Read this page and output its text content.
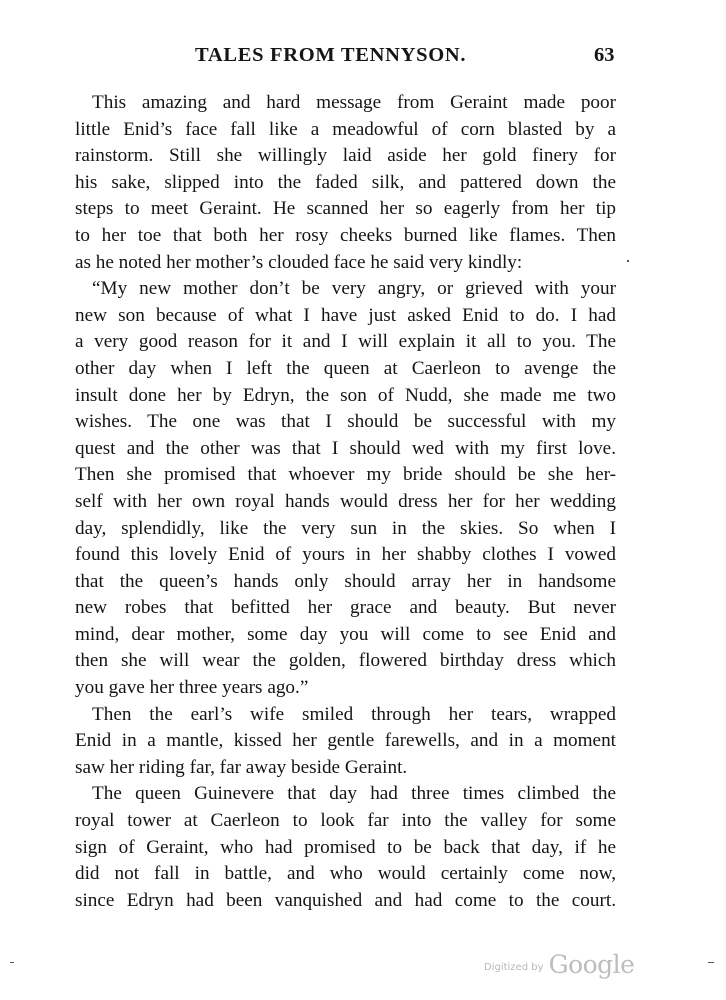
TALES FROM TENNYSON.	63
This amazing and hard message from Geraint made poor
little Enid’s face fall like a meadowful of corn blasted by a
rainstorm. Still she willingly laid aside her gold finery for
his sake, slipped into the faded silk, and pattered down the
steps to meet Geraint. He scanned her so eagerly from her tip
to her toe that both her rosy cheeks burned like flames. Then
as he noted her mother’s clouded face he said very kindly:
“My new mother don’t be very angry, or grieved with your
new son because of what I have just asked Enid to do. I had
a very good reason for it and I will explain it all to you. The
other day when I left the queen at Caerleon to avenge the
insult done her by Edryn, the son of Nudd, she made me two
wishes. The one was that I should be successful with my
quest and the other was that I should wed with my first love.
Then she promised that whoever my bride should be she her-
self with her own royal hands would dress her for her wedding
day, splendidly, like the very sun in the skies. So when I
found this lovely Enid of yours in her shabby clothes I vowed
that the queen’s hands only should array her in handsome
new robes that befitted her grace and beauty. But never
mind, dear mother, some day you will come to see Enid and
then she will wear the golden, flowered birthday dress which
you gave her three years ago.”
Then the earl’s wife smiled through her tears, wrapped
Enid in a mantle, kissed her gentle farewells, and in a moment
saw her riding far, far away beside Geraint.
The queen Guinevere that day had three times climbed the
royal tower at Caerleon to look far into the valley for some
sign of Geraint, who had promised to be back that day, if he
did not fall in battle, and who would certainly come now,
since Edryn had been vanquished and had come to the court.
Digitized by Google
